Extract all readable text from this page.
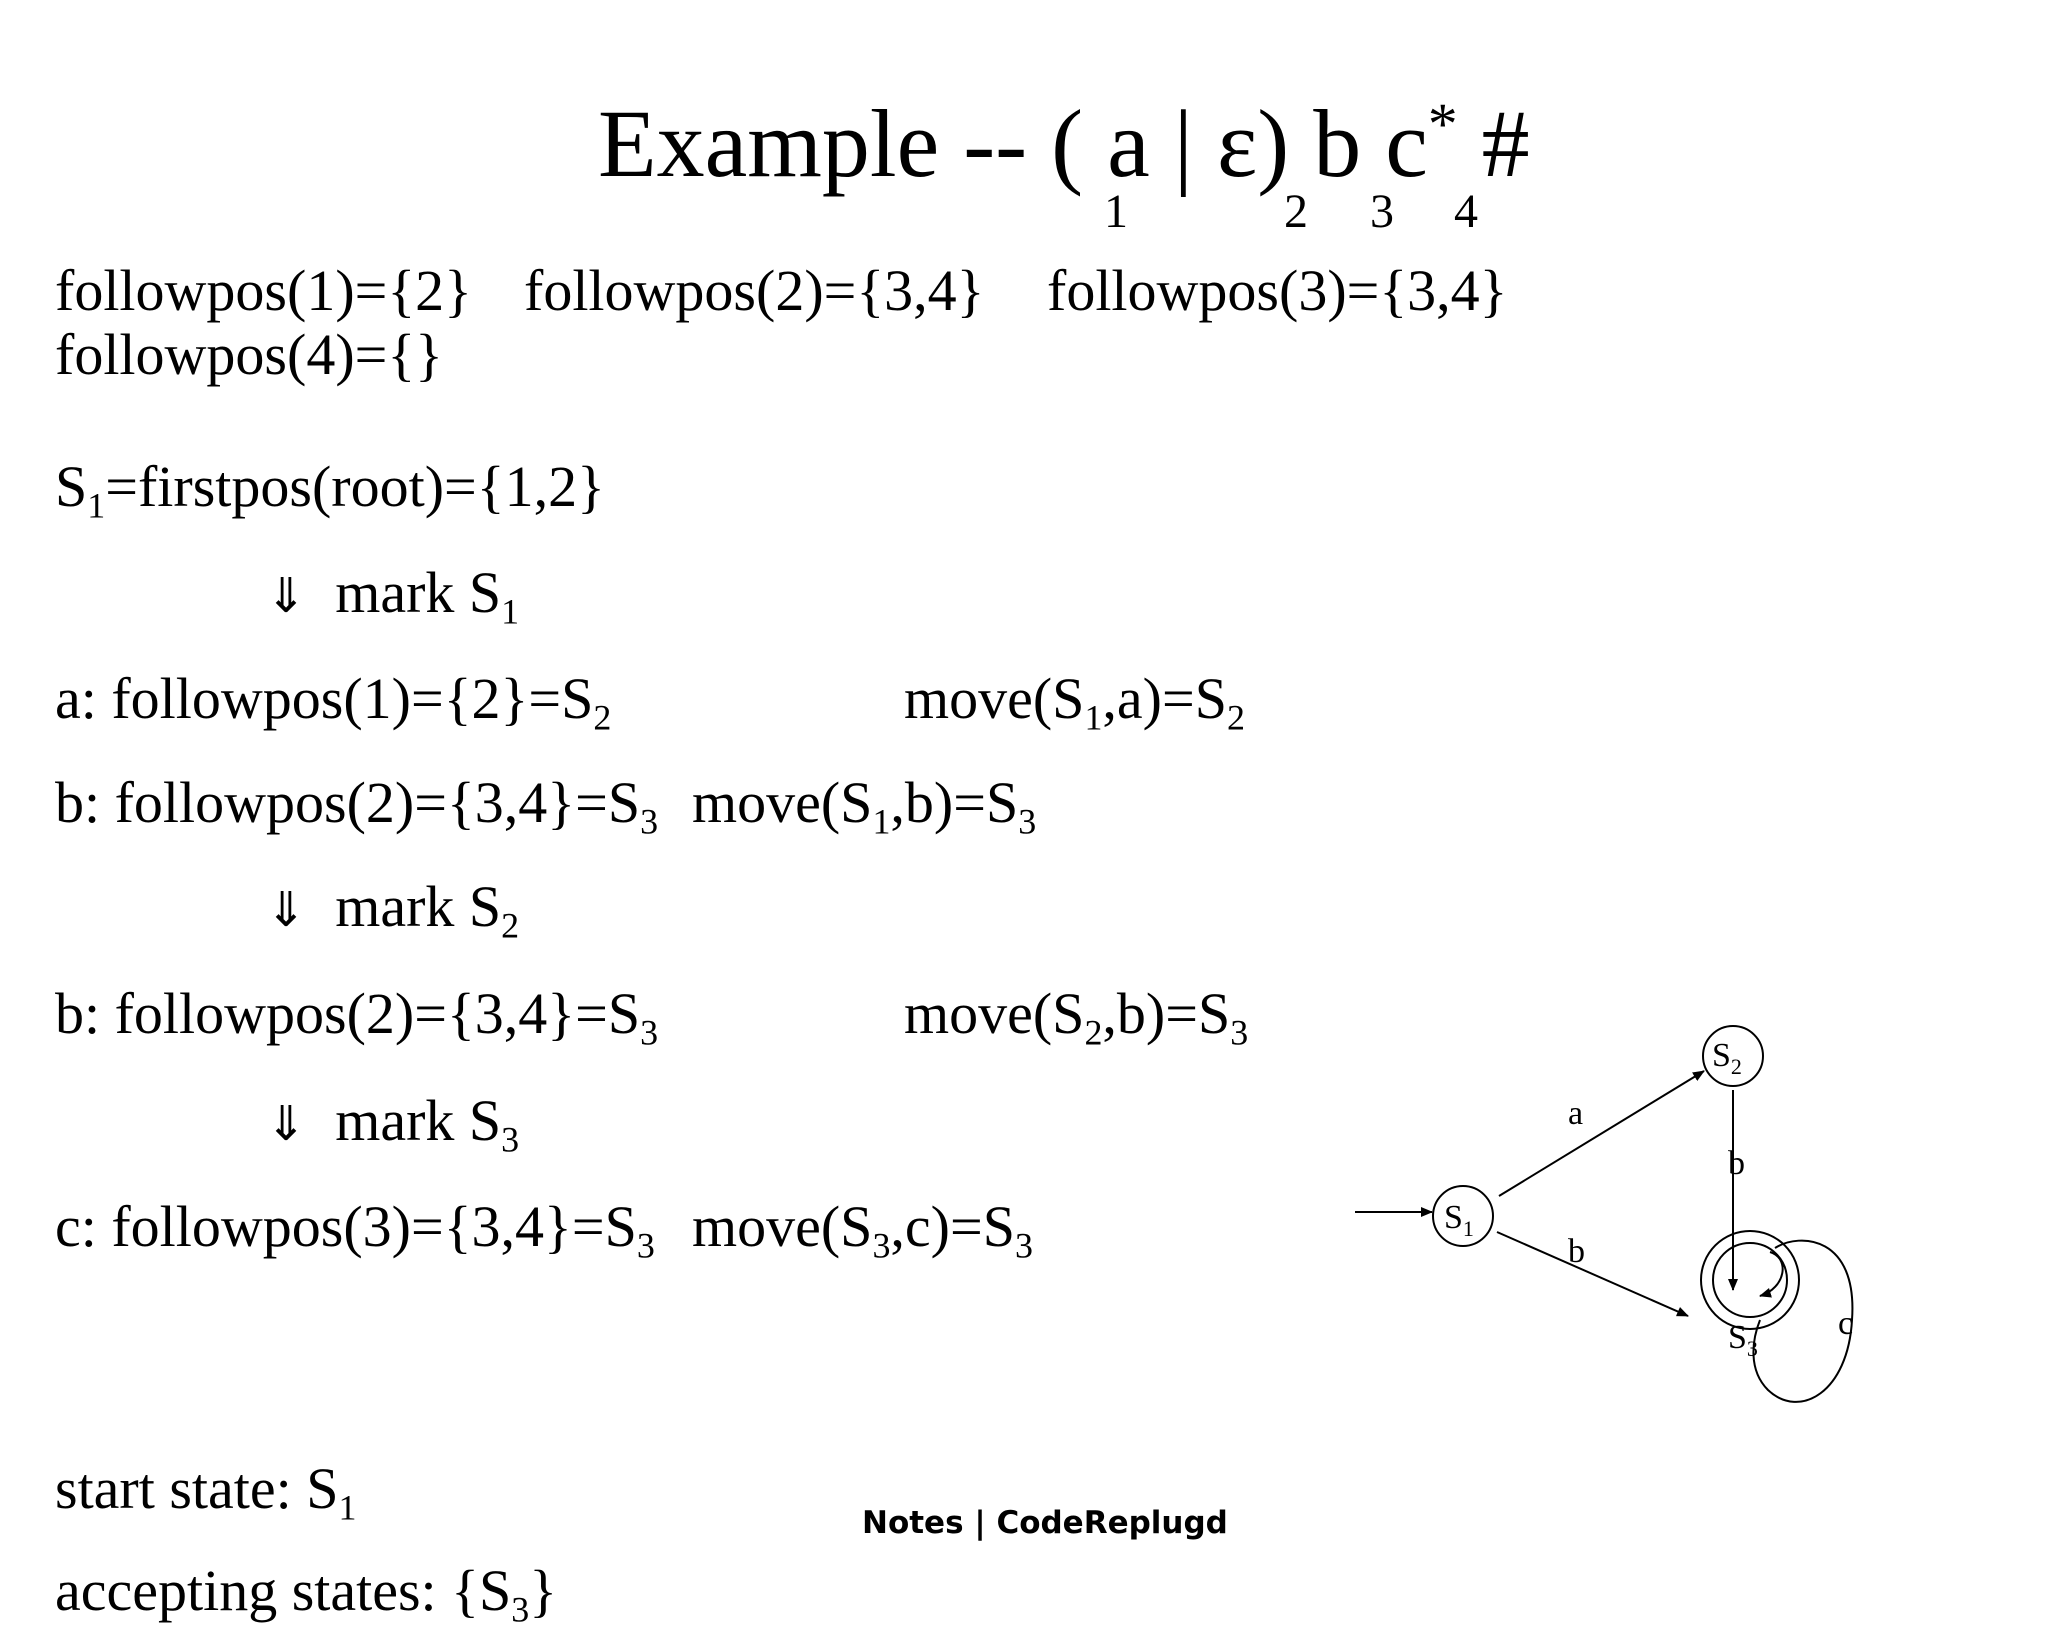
Example -- ( a | ε) b c* #
1	2 3 4
followpos(1)={2} followpos(2)={3,4} followpos(3)={3,4}
followpos(4)={}
$S_1=firstpos(root)=\{1,2\}$
⇓ mark $S_1$
a: $followpos(1)=\{2\}=S_2$	$move(S_1,a)=S_2$
b: $followpos(2)=\{3,4\}=S_3$ $move(S_1,b)=S_3$
⇓ mark $S_2$
b: $followpos(2)=\{3,4\}=S_3$	$move(S_2,b)=S_3$
⇓ mark $S_3$
c: $followpos(3)=\{3,4\}=S_3$ $move(S_3,c)=S_3$
start state: $S_1$
accepting states: $\{S_3\}$
Notes | CodeReplugd
$S_1$
$S_2$
$S_3$
a
b
b
c
